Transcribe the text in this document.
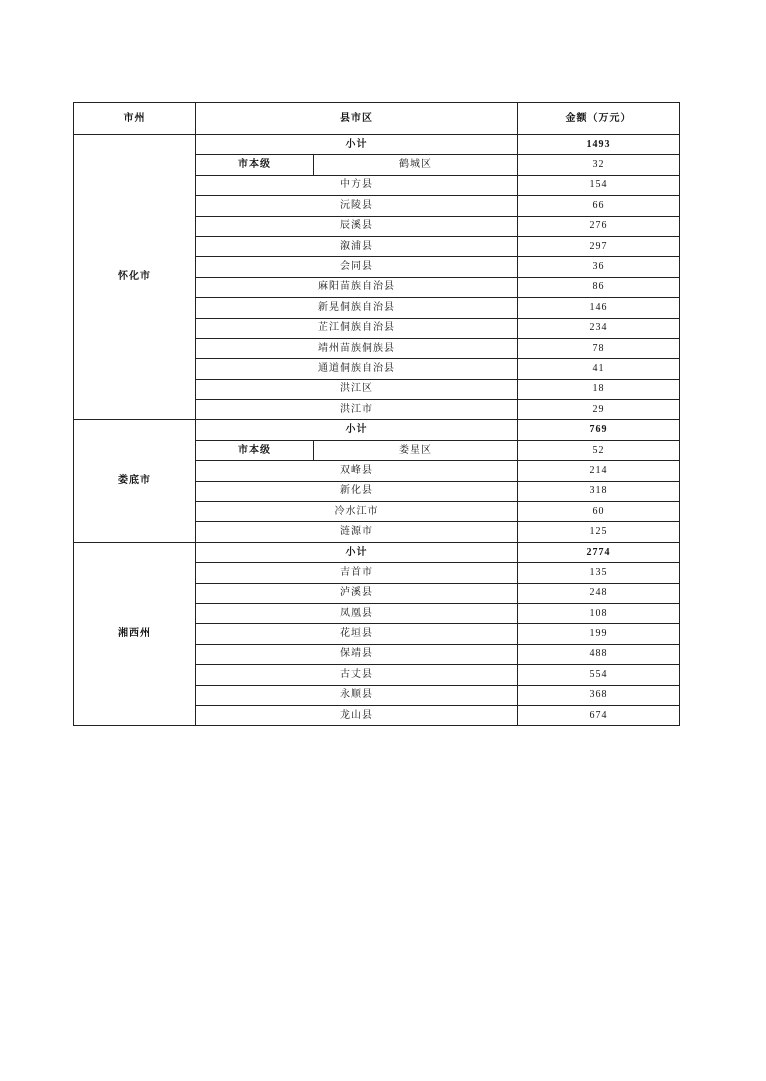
市州	县市区		金额（万元）
怀化市	小计		1493
	市本级	鹤城区	32
	中方县		154
	沅陵县		66
	辰溪县		276
	溆浦县		297
	会同县		36
	麻阳苗族自治县		86
	新晃侗族自治县		146
	芷江侗族自治县		234
	靖州苗族侗族县		78
	通道侗族自治县		41
	洪江区		18
	洪江市		29
娄底市	小计		769
	市本级	娄星区	52
	双峰县		214
	新化县		318
	冷水江市		60
	涟源市		125
湘西州	小计		2774
	吉首市		135
	泸溪县		248
	凤凰县		108
	花垣县		199
	保靖县		488
	古丈县		554
	永顺县		368
	龙山县		674
